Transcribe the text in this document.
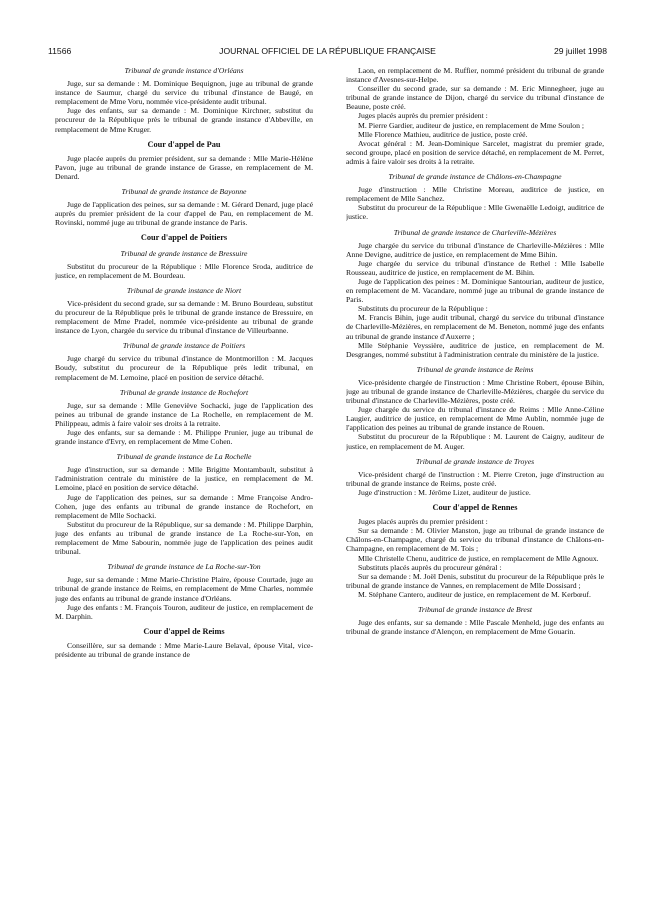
11566	JOURNAL OFFICIEL DE LA RÉPUBLIQUE FRANÇAISE	29 juillet 1998
Tribunal de grande instance d'Orléans

Juge, sur sa demande : M. Dominique Bequignon, juge au tribunal de grande instance de Saumur, chargé du service du tribunal d'instance de Baugé, en remplacement de Mme Voru, nommée vice-présidente audit tribunal.

Juge des enfants, sur sa demande : M. Dominique Kirchner, substitut du procureur de la République près le tribunal de grande instance d'Abbeville, en remplacement de Mme Kruger.

Cour d'appel de Pau

Juge placée auprès du premier président, sur sa demande : Mlle Marie-Hélène Pavon, juge au tribunal de grande instance de Grasse, en remplacement de M. Denard.

Tribunal de grande instance de Bayonne

Juge de l'application des peines, sur sa demande : M. Gérard Denard, juge placé auprès du premier président de la cour d'appel de Pau, en remplacement de M. Rovinski, nommé juge au tribunal de grande instance de Paris.

Cour d'appel de Poitiers
Tribunal de grande instance de Bressuire

Substitut du procureur de la République : Mlle Florence Sroda, auditrice de justice, en remplacement de M. Bourdeau.

Tribunal de grande instance de Niort

Vice-président du second grade, sur sa demande : M. Bruno Bourdeau, substitut du procureur de la République près le tribunal de grande instance de Bressuire, en remplacement de Mme Pradel, nommée vice-présidente au tribunal de grande instance de Lyon, chargée du service du tribunal d'instance de Villeurbanne.

Tribunal de grande instance de Poitiers

Juge chargé du service du tribunal d'instance de Montmorillon : M. Jacques Boudy, substitut du procureur de la République près ledit tribunal, en remplacement de M. Lemoine, placé en position de service détaché.

Tribunal de grande instance de Rochefort

Juge, sur sa demande : Mlle Geneviève Sochacki, juge de l'application des peines au tribunal de grande instance de La Rochelle, en remplacement de M. Philippeau, admis à faire valoir ses droits à la retraite.

Juge des enfants, sur sa demande : M. Philippe Prunier, juge au tribunal de grande instance d'Evry, en remplacement de Mme Cohen.

Tribunal de grande instance de La Rochelle

Juge d'instruction, sur sa demande : Mlle Brigitte Montambault, substitut à l'administration centrale du ministère de la justice, en remplacement de M. Lemoine, placé en position de service détaché.

Juge de l'application des peines, sur sa demande : Mme Françoise Andro-Cohen, juge des enfants au tribunal de grande instance de Rochefort, en remplacement de Mlle Sochacki.

Substitut du procureur de la République, sur sa demande : M. Philippe Darphin, juge des enfants au tribunal de grande instance de La Roche-sur-Yon, en remplacement de Mme Sabourin, nommée juge de l'application des peines audit tribunal.

Tribunal de grande instance de La Roche-sur-Yon

Juge, sur sa demande : Mme Marie-Christine Plaire, épouse Courtade, juge au tribunal de grande instance de Reims, en remplacement de Mme Charles, nommée juge des enfants au tribunal de grande instance d'Orléans.

Juge des enfants : M. François Touron, auditeur de justice, en remplacement de M. Darphin.

Cour d'appel de Reims

Conseillère, sur sa demande : Mme Marie-Laure Belaval, épouse Vital, vice-présidente au tribunal de grande instance de

Laon, en remplacement de M. Ruffier, nommé président du tribunal de grande instance d'Avesnes-sur-Helpe.

Conseiller du second grade, sur sa demande : M. Eric Minnegheer, juge au tribunal de grande instance de Dijon, chargé du service du tribunal d'instance de Beaune, poste créé.

Juges placés auprès du premier président :

M. Pierre Gardier, auditeur de justice, en remplacement de Mme Soulon ;

Mlle Florence Mathieu, auditrice de justice, poste créé.

Avocat général : M. Jean-Dominique Sarcelet, magistrat du premier grade, second groupe, placé en position de service détaché, en remplacement de M. Perret, admis à faire valoir ses droits à la retraite.

Tribunal de grande instance de Châlons-en-Champagne

Juge d'instruction : Mlle Christine Moreau, auditrice de justice, en remplacement de Mlle Sanchez.

Substitut du procureur de la République : Mlle Gwenaëlle Ledoigt, auditrice de justice.

Tribunal de grande instance de Charleville-Mézières

Juge chargée du service du tribunal d'instance de Charleville-Mézières : Mlle Anne Devigne, auditrice de justice, en remplacement de Mme Bihin.

Juge chargée du service du tribunal d'instance de Rethel : Mlle Isabelle Rousseau, auditrice de justice, en remplacement de M. Bihin.

Juge de l'application des peines : M. Dominique Santourian, auditeur de justice, en remplacement de M. Vacandare, nommé juge au tribunal de grande instance de Paris.

Substituts du procureur de la République :

M. Francis Bihin, juge audit tribunal, chargé du service du tribunal d'instance de Charleville-Mézières, en remplacement de M. Beneton, nommé juge des enfants au tribunal de grande instance d'Auxerre ;

Mlle Stéphanie Veyssière, auditrice de justice, en remplacement de M. Desgranges, nommé substitut à l'administration centrale du ministère de la justice.

Tribunal de grande instance de Reims

Vice-présidente chargée de l'instruction : Mme Christine Robert, épouse Bihin, juge au tribunal de grande instance de Charleville-Mézières, chargée du service du tribunal d'instance de Charleville-Mézières, poste créé.

Juge chargée du service du tribunal d'instance de Reims : Mlle Anne-Céline Laugier, auditrice de justice, en remplacement de Mme Aublin, nommée juge de l'application des peines au tribunal de grande instance de Rouen.

Substitut du procureur de la République : M. Laurent de Caigny, auditeur de justice, en remplacement de M. Auger.

Tribunal de grande instance de Troyes

Vice-président chargé de l'instruction : M. Pierre Creton, juge d'instruction au tribunal de grande instance de Reims, poste créé.

Juge d'instruction : M. Jérôme Lizet, auditeur de justice.

Cour d'appel de Rennes

Juges placés auprès du premier président :

Sur sa demande : M. Olivier Manston, juge au tribunal de grande instance de Châlons-en-Champagne, chargé du service du tribunal d'instance de Châlons-en-Champagne, en remplacement de M. Tois ;

Mlle Christelle Chenu, auditrice de justice, en remplacement de Mlle Agnoux.

Substituts placés auprès du procureur général :

Sur sa demande : M. Joël Denis, substitut du procureur de la République près le tribunal de grande instance de Vannes, en remplacement de Mlle Dossisard ;

M. Stéphane Cantero, auditeur de justice, en remplacement de M. Kerbœuf.

Tribunal de grande instance de Brest

Juge des enfants, sur sa demande : Mlle Pascale Menheld, juge des enfants au tribunal de grande instance d'Alençon, en remplacement de Mme Gouarin.
